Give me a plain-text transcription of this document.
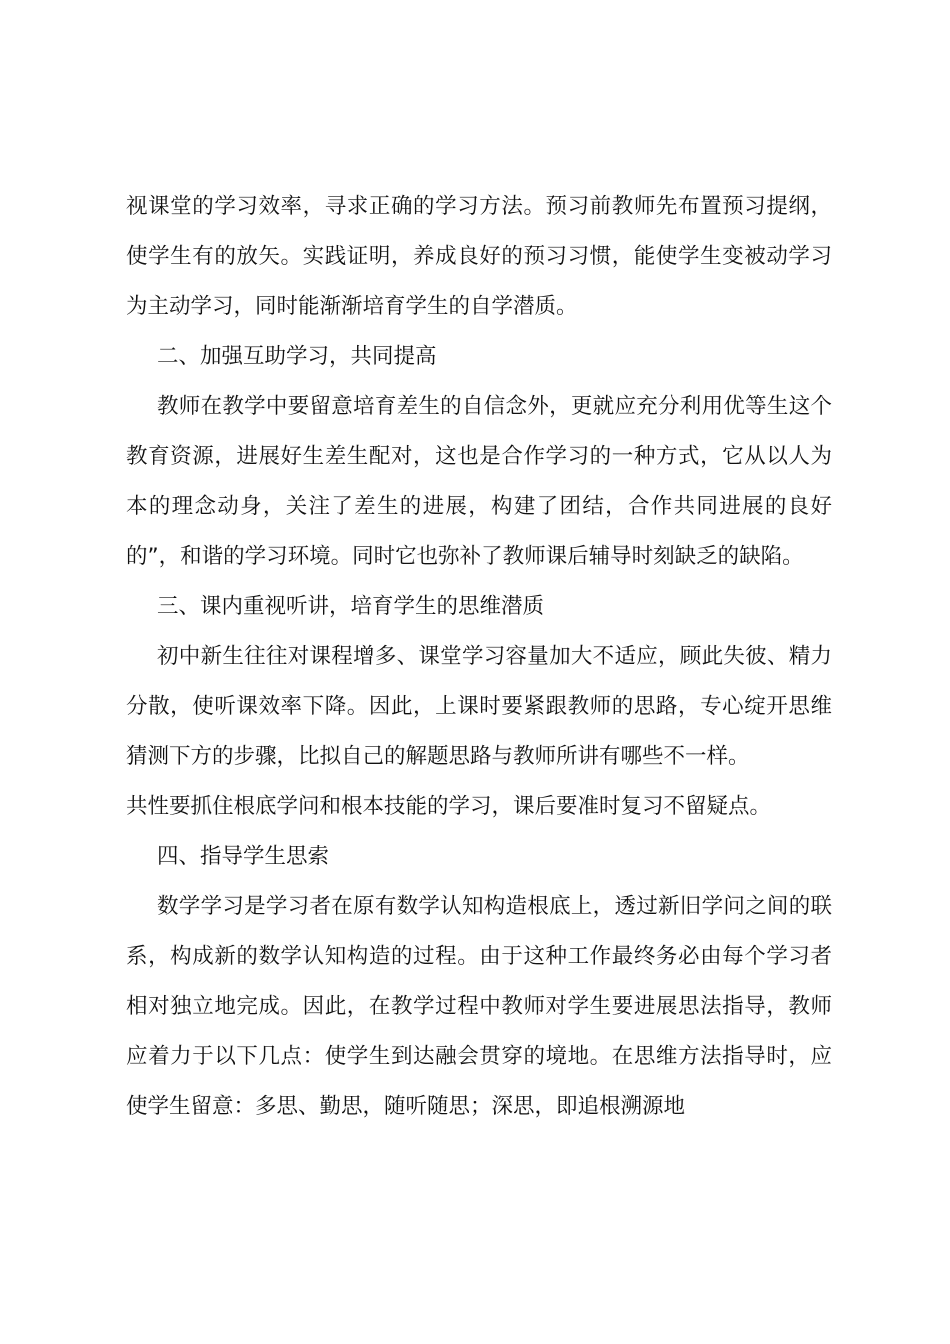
视课堂的学习效率，寻求正确的学习方法。预习前教师先布置预习提纲，使学生有的放矢。实践证明，养成良好的预习习惯，能使学生变被动学习为主动学习，同时能渐渐培育学生的自学潜质。

二、加强互助学习，共同提高

教师在教学中要留意培育差生的自信念外，更就应充分利用优等生这个教育资源，进展好生差生配对，这也是合作学习的一种方式，它从以人为本的理念动身，关注了差生的进展，构建了团结，合作共同进展的良好的”，和谐的学习环境。同时它也弥补了教师课后辅导时刻缺乏的缺陷。

三、课内重视听讲，培育学生的思维潜质

初中新生往往对课程增多、课堂学习容量加大不适应，顾此失彼、精力分散，使听课效率下降。因此，上课时要紧跟教师的思路，专心绽开思维猜测下方的步骤，比拟自己的解题思路与教师所讲有哪些不一样。

共性要抓住根底学问和根本技能的学习，课后要准时复习不留疑点。

四、指导学生思索

数学学习是学习者在原有数学认知构造根底上，透过新旧学问之间的联系，构成新的数学认知构造的过程。由于这种工作最终务必由每个学习者相对独立地完成。因此，在教学过程中教师对学生要进展思法指导，教师应着力于以下几点：使学生到达融会贯穿的境地。在思维方法指导时，应使学生留意：多思、勤思，随听随思；深思，即追根溯源地
